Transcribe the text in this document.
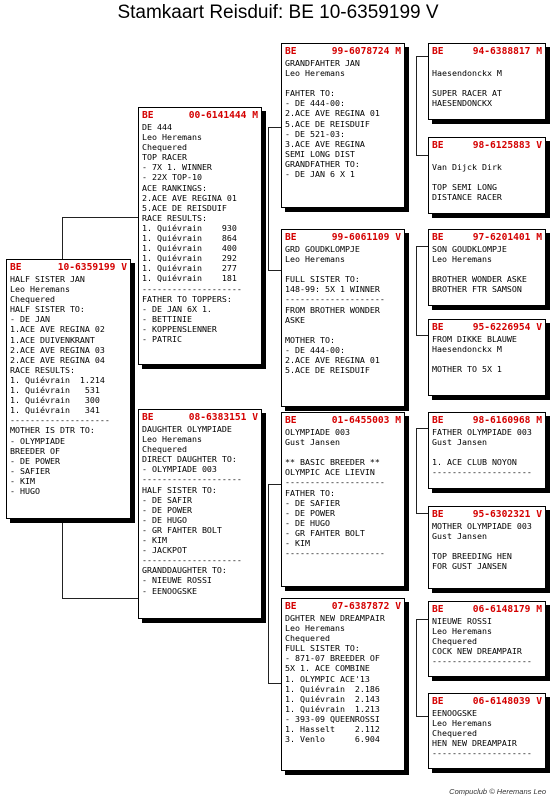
Stamkaart Reisduif: BE 10-6359199 V
BE	10-6359199 V
HALF SISTER JAN
Leo Heremans
Chequered
HALF SISTER TO:
- DE JAN
1.ACE AVE REGINA 02
1.ACE DUIVENKRANT
2.ACE AVE REGINA 03
2.ACE AVE REGINA 04
RACE RESULTS:
1. Quiévrain  1.214
1. Quiévrain   531
1. Quiévrain   300
1. Quiévrain   341
--------------------
MOTHER IS DTR TO:
- OLYMPIADE
BREEDER OF
- DE POWER
- SAFIER
- KIM
- HUGO
BE	00-6141444 M
DE 444
Leo Heremans
Chequered
TOP RACER
- 7X 1. WINNER
- 22X TOP-10
ACE RANKINGS:
2.ACE AVE REGINA 01
5.ACE DE REISDUIF
RACE RESULTS:
1. Quiévrain    930
1. Quiévrain    864
1. Quiévrain    400
1. Quiévrain    292
1. Quiévrain    277
1. Quiévrain    181
--------------------
FATHER TO TOPPERS:
- DE JAN 6X 1.
- BETTINIE
- KOPPENSLENNER
- PATRIC
BE	08-6383151 V
DAUGHTER OLYMPIADE
Leo Heremans
Chequered
DIRECT DAUGHTER TO:
- OLYMPIADE 003
--------------------
HALF SISTER TO:
- DE SAFIR
- DE POWER
- DE HUGO
- GR FAHTER BOLT
- KIM
- JACKPOT
--------------------
GRANDDAUGHTER TO:
- NIEUWE ROSSI
- EENOOGSKE
BE	99-6078724 M
GRANDFAHTER JAN
Leo Heremans
FAHTER TO:
- DE 444-00:
2.ACE AVE REGINA 01
5.ACE DE REISDUIF
- DE 521-03:
3.ACE AVE REGINA
SEMI LONG DIST
GRANDFATHER TO:
- DE JAN 6 X 1
BE	99-6061109 V
GRD GOUDKLOMPJE
Leo Heremans
FULL SISTER TO:
148-99: 5X 1 WINNER
--------------------
FROM BROTHER WONDER
ASKE
MOTHER TO:
- DE 444-00:
2.ACE AVE REGINA 01
5.ACE DE REISDUIF
BE	01-6455003 M
OLYMPIADE 003
Gust Jansen
** BASIC BREEDER **
OLYMPIC ACE LIEVIN
--------------------
FATHER TO:
- DE SAFIER
- DE POWER
- DE HUGO
- GR FAHTER BOLT
- KIM
--------------------
BE	07-6387872 V
DGHTER NEW DREAMPAIR
Leo Heremans
Chequered
FULL SISTER TO:
- 871-07 BREEDER OF
5X 1. ACE COMBINE
1. OLYMPIC ACE'13
1. Quiévrain  2.186
1. Quiévrain  2.143
1. Quiévrain  1.213
- 393-09 QUEENROSSI
1. Hasselt    2.112
3. Venlo      6.904
BE	94-6388817 M
Haesendonckx M
SUPER RACER AT
HAESENDONCKX
BE	98-6125883 V
Van Dijck Dirk
TOP SEMI LONG
DISTANCE RACER
BE	97-6201401 M
SON GOUDKLOMPJE
Leo Heremans
BROTHER WONDER ASKE
BROTHER FTR SAMSON
BE	95-6226954 V
FROM DIKKE BLAUWE
Haesendonckx M
MOTHER TO 5X 1
BE	98-6160968 M
FATHER OLYMPIADE 003
Gust Jansen
1. ACE CLUB NOYON
--------------------
BE	95-6302321 V
MOTHER OLYMPIADE 003
Gust Jansen
TOP BREEDING HEN
FOR GUST JANSEN
BE	06-6148179 M
NIEUWE ROSSI
Leo Heremans
Chequered
COCK NEW DREAMPAIR
--------------------
BE	06-6148039 V
EENOOGSKE
Leo Heremans
Chequered
HEN NEW DREAMPAIR
--------------------
Compuclub © Heremans Leo
